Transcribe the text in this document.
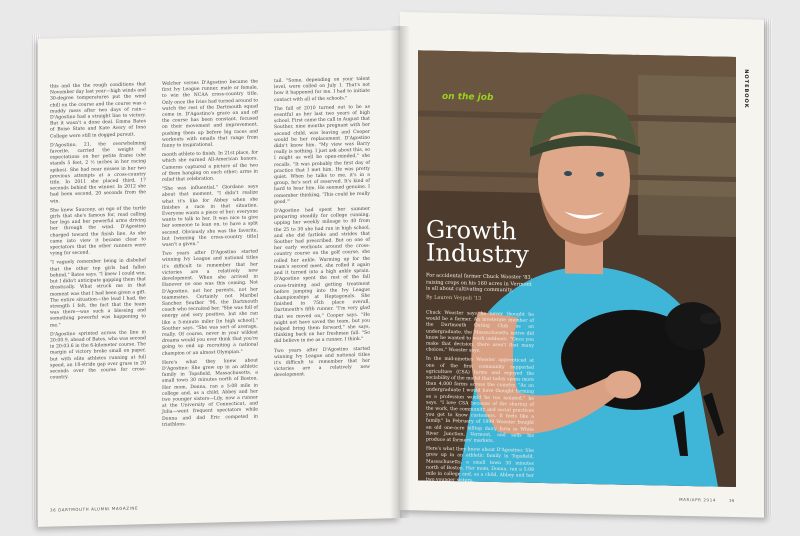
this and the the rough conditions that November day last year—high winds and 30-degree temperatures put the wind chill on the course and the course was a muddy mess after two days of rain—D'Agostino had a straight line to victory. But it wasn't a done deal. Emma Bates of Boise State and Kate Avery of Iona College were still in dogged pursuit.

D'Agostino, 21, the overwhelming favorite, carried the weight of expectations on her petite frame (she stands 5 feet, 2 ½ inches in her racing spikes). She had near misses in her two previous attempts at a cross-country title. In 2011 she placed third, 17 seconds behind the winner. In 2012 she had been second, 20 seconds from the win.

She knew Saucony, an ego of the turtle girls that she's famous for, read calling her legs and her powerful arms driving her through the wind. D'Agostino charged toward the finish line. As she came into view it became clear to spectators that the other runners were vying for second.

"I vaguely remember being in disbelief that the other top girls had fallen behind," Bates says. "I knew I could win, but I didn't anticipate gapping them that drastically. What struck me in that moment was that I had been given a gift. The entire situation—the lead I had, the strength I felt, the fact that the team was there—was such a blessing and something powerful was happening to me."

D'Agostino sprinted across the line in 20:00.9, ahead of Bates, who was second in 20:03.6 in the 6-kilometer course. The margin of victory broke small on paper, but with elite athletes running at full speed, an 18-stride gap over grass in 20 seconds over the course for cross-country.

Welcher verses D'Agostino became the first Ivy League runner, male or female, to win the NCAA cross-country title. Only once the Ivies had turned around to watch the rest of the Dartmouth squad come in. D'Agostino's grace on and off the course has been constant, focused on their movement and improvement, pushing them up before big races and workouts with emails that range from funny to inspirational.

month athlete to finish. In 21st place, for which she earned All-American honors. Cameras captured a picture of the two of them hanging on each other; arms in relief that celebration.

"She was influential," Giordano says about that moment. "I didn't realize what it's like for Abbey when she finishes a race in that situation. Everyone wants a piece of her; everyone wants to talk to her. It was nice to give her someone to lean on, to have a split second. Obviously she was the favorite, but [winning the cross-country title] wasn't a given."

Two years after D'Agostino started winning Ivy League and national titles it's difficult to remember that her victories are a relatively new development. When she arrived in Hanover no one was this coming. Not D'Agostino, not her parents, not her teammates. Certainly not Maribel Sanchez Souther '96, the Dartmouth coach who recruited her. "She was full of energy and very positive, but she ran like a 5-minute miler [in high school]," Souther says. "She was sort of average, really. Of course, never in your wildest dreams would you ever think that you're going to end up recruiting a national champion or an almost Olympian."

Here's what they knew about D'Agostino: She grew up in an athletic family in Topsfield, Massachusetts, a small town 30 minutes north of Boston. Her mom, Donna, ran a 5:08 mile in college and, as a child, Abbey and her two younger sisters—Lily, now a runner at the University of Connecticut, and Julia—went frequent spectators while Donna and dad Eric competed in triathlons.

tail. "Some, depending on your talent level, were called on July 1. That's not how it happened for me. I had to initiate contact with all of the schools."

The fall of 2010 turned out to be as eventful as her last two years of high school. First came the call in August that Souther, nine months pregnant with her second child, was leaving and Cooper would be her replacement. D'Agostino didn't know him. "My view was Barry really is nothing. I just ask about this, so I might as well be open-minded," she recalls. "It was probably the first day of practice that I met him. He was pretty quiet. When he talks to me, it's in a group, he's sort of reserved. It's kind of hard to hear him. He seemed genuine. I remember thinking, 'This could be really good.'"

D'Agostino had spent her summer preparing steadily for college running, upping her weekly mileage to 40 from the 25 to 30 she had run in high school, and she did fartleks and strides that Souther had prescribed. But on one of her early workouts around the cross-country course on the golf course, she rolled her ankle. Warming up for the team's second meet, she rolled it again and it turned into a high ankle sprain. D'Agostino spent the rest of the fall cross-training and getting treatment before jumping into the Ivy League championships at Heptagonals. She finished in 75th place overall, Dartmouth's fifth runner. "I'm very glad that we moved on," Cooper says. "He might not have saved the team, but you helped bring them forward," she says, thinking back on her freshman fall. "So did believe in me as a runner, I think."

Two years after D'Agostino started winning Ivy League and national titles it's difficult to remember that her victories are a relatively new development.

36 DARTMOUTH ALUMNI MAGAZINE
on the job
Growth
Industry
For accidental farmer Chuck Wooster '83, raising crops on his 160 acres in Vermont is all about cultivating community.
By Lauren Vespoli '13

Chuck Wooster says he never thought he would be a farmer. An inveterate member of the Dartmouth Outing Club as an undergraduate, the Massachusetts native did know he wanted to work outdoors. "Once you make that decision, there aren't that many choices," Wooster says.

In the mid-nineties Wooster apprenticed at one of the first community supported agriculture (CSA) farms and enjoyed the sociability of the model that today spans more than 4,000 farms across the country. "As an undergraduate I would have thought farming as a profession would be too isolated," he says. "I love CSA because of the sharing of the work, the community and social practices you get to know customers. It feels like a family." In February of 1999 Wooster bought an old one-acre hilltop dairy farm in White River Junction, Vermont, and sells his produce at farmers' markets.

Here's what they knew about D'Agostino: She grew up in an athletic family in Topsfield, Massachusetts, a small town 30 minutes north of Boston. Her mom, Donna, ran a 5:08 mile in college and, as a child, Abbey and her two younger sisters.

NOTEBOOK
19
MAR/APR 2014
